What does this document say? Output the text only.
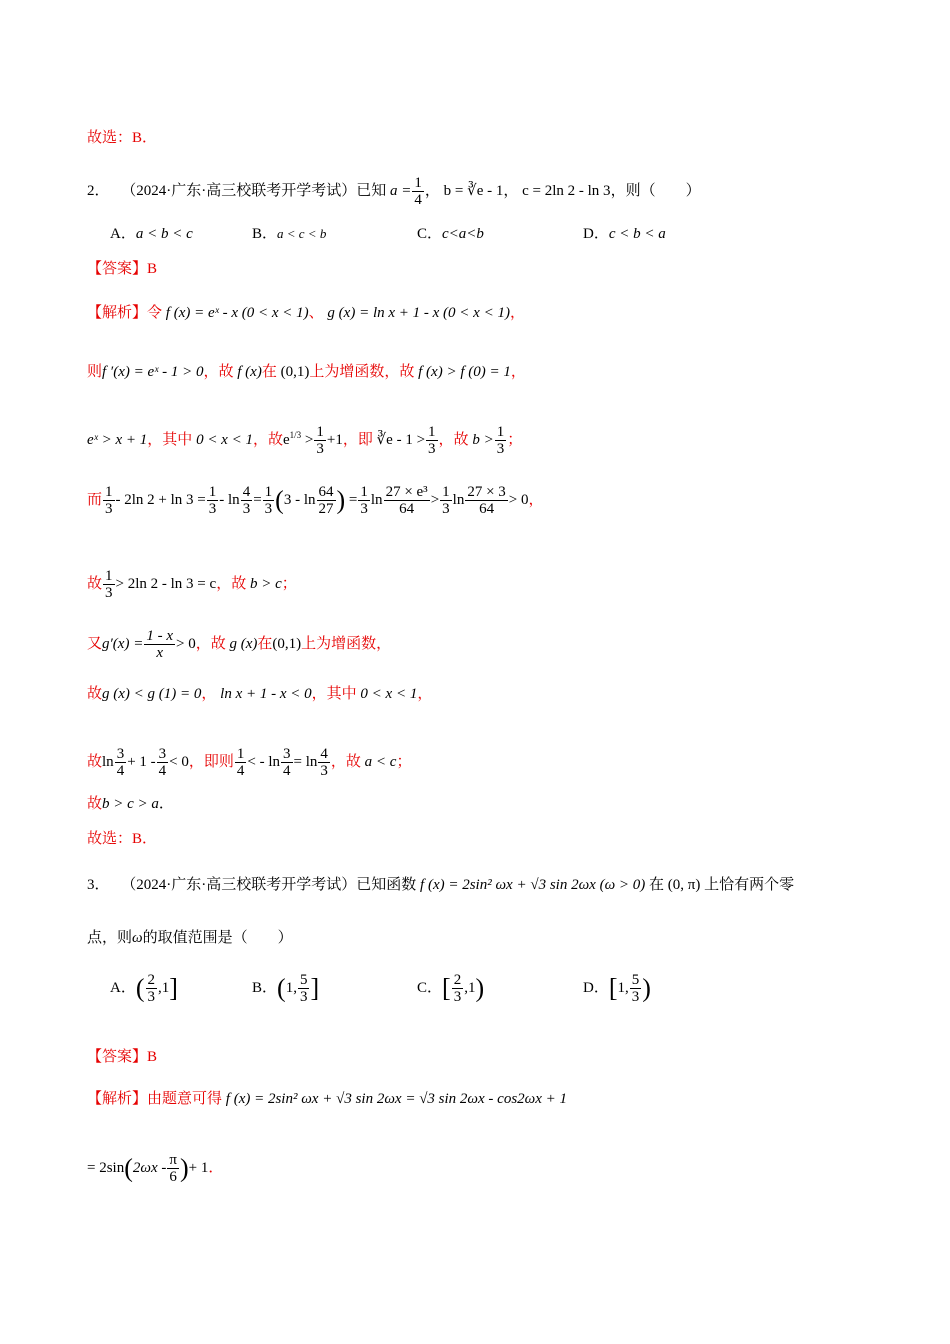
故选：B．
2． （2024·广东·高三校联考开学考试）已知 $a = \frac{1}{4}$ ， b = ∛e - 1， c = 2ln 2 - ln 3，则（　　）
A．a < b < c	B．a < c < b	C．c<a<b	D．c < b < a
【答案】B
【解析】令 f (x) = eˣ - x (0 < x < 1)、 g (x) = ln x + 1 - x (0 < x < 1)，
则f ′(x) = eˣ - 1 > 0，故 f (x)在 (0,1)上为增函数，故 f (x) > f (0) = 1，
eˣ > x + 1，其中 0 < x < 1，故$e^{1/3} > \frac{1}{3} +1$，即 ∛e - $1 > \frac{1}{3}$ ，故 $b > \frac{1}{3}$ ；
而 $\frac{1}{3} - 2\ln$ $2 + \ln 3 = \frac{1}{3} - \ln \frac{4}{3} = \frac{1}{3} (3 - \ln \frac{64}{27}$ ) = $\frac{1}{3}$ $\ln \frac{\text{27 × e³}}{64} > \frac{1}{3}$ $\ln \frac{27 \times 3}{64} > 0$，
故 $\frac{1}{3} > 2\ln$ 2 - ln 3 = c，故 b > c；
又$g'(x) = \frac{1 - x}{x} > 0$，故 g (x)在(0,1)上为增函数，
故g (x) < g (1) = 0， ln x + 1 - x < 0，其中 0 < x < 1，
故$\ln \frac{3}{4} + 1 - \frac{3}{4} < 0$，即则 $\frac{1}{4}$ < - $\ln \frac{3}{4} = \ln \frac{4}{3}$ ，故 a < c；
故b > c > a．
故选：B．
3． （2024·广东·高三校联考开学考试）已知函数 f (x) = 2sin² ωx + √3 sin 2ωx (ω > 0) 在 (0, π) 上恰有两个零
点，则ω的取值范围是（　　）
A．( $\frac{2}{3} ,1$]	B．(1, $\frac{5}{3}$ ]	C．[ $\frac{2}{3} ,1$)	D．[1, $\frac{5}{3}$ )
【答案】B
【解析】由题意可得 f (x) = 2sin² ωx + √3 sin 2ωx = √3 sin 2ωx - cos2ωx + 1
= $2\sin(2\omega x - \frac{\pi}{6}$ )+ 1．
